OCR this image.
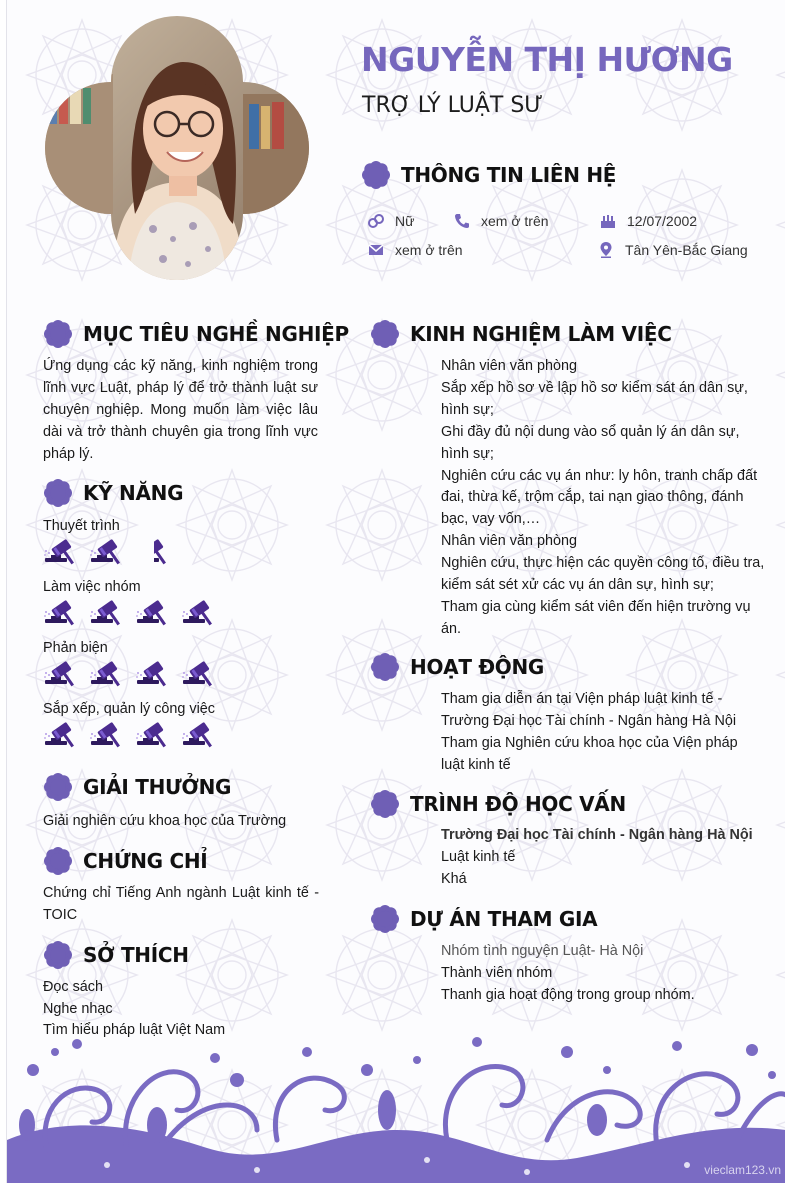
NGUYỄN THỊ HƯƠNG
TRỢ LÝ LUẬT SƯ
THÔNG TIN LIÊN HỆ
Nữ	xem ở trên	12/07/2002
xem ở trên	Tân Yên-Bắc Giang
MỤC TIÊU NGHỀ NGHIỆP
Ứng dụng các kỹ năng, kinh nghiệm trong lĩnh vực Luật, pháp lý để trở thành luật sư chuyên nghiệp. Mong muốn làm việc lâu dài và trở thành chuyên gia trong lĩnh vực pháp lý.
KỸ NĂNG
Thuyết trình
Làm việc nhóm
Phản biện
Sắp xếp, quản lý công việc
GIẢI THƯỞNG
Giải nghiên cứu khoa học của Trường
CHỨNG CHỈ
Chứng chỉ Tiếng Anh ngành Luật kinh tế - TOIC
SỞ THÍCH
Đọc sách
Nghe nhạc
Tìm hiểu pháp luật Việt Nam
KINH NGHIỆM LÀM VIỆC
Nhân viên văn phòng
Sắp xếp hồ sơ về lập hồ sơ kiểm sát án dân sự,
hình sự;
Ghi đầy đủ nội dung vào sổ quản lý án dân sự,
hình sự;
Nghiên cứu các vụ án như: ly hôn, tranh chấp đất
đai, thừa kế, trộm cắp, tai nạn giao thông, đánh
bạc, vay vốn,…
Nhân viên văn phòng
Nghiên cứu, thực hiện các quyền công tố, điều tra,
kiểm sát sét xử các vụ án dân sự, hình sự;
Tham gia cùng kiểm sát viên đến hiện trường vụ
án.
HOẠT ĐỘNG
Tham gia diễn án tại Viện pháp luật kinh tế -
Trường Đại học Tài chính - Ngân hàng Hà Nội
Tham gia Nghiên cứu khoa học của Viện pháp
luật kinh tế
TRÌNH ĐỘ HỌC VẤN
Trường Đại học Tài chính - Ngân hàng Hà Nội
Luật kinh tế
Khá
DỰ ÁN THAM GIA
Nhóm tình nguyện Luật- Hà Nội
Thành viên nhóm
Thanh gia hoạt động trong group nhóm.
vieclam123.vn
